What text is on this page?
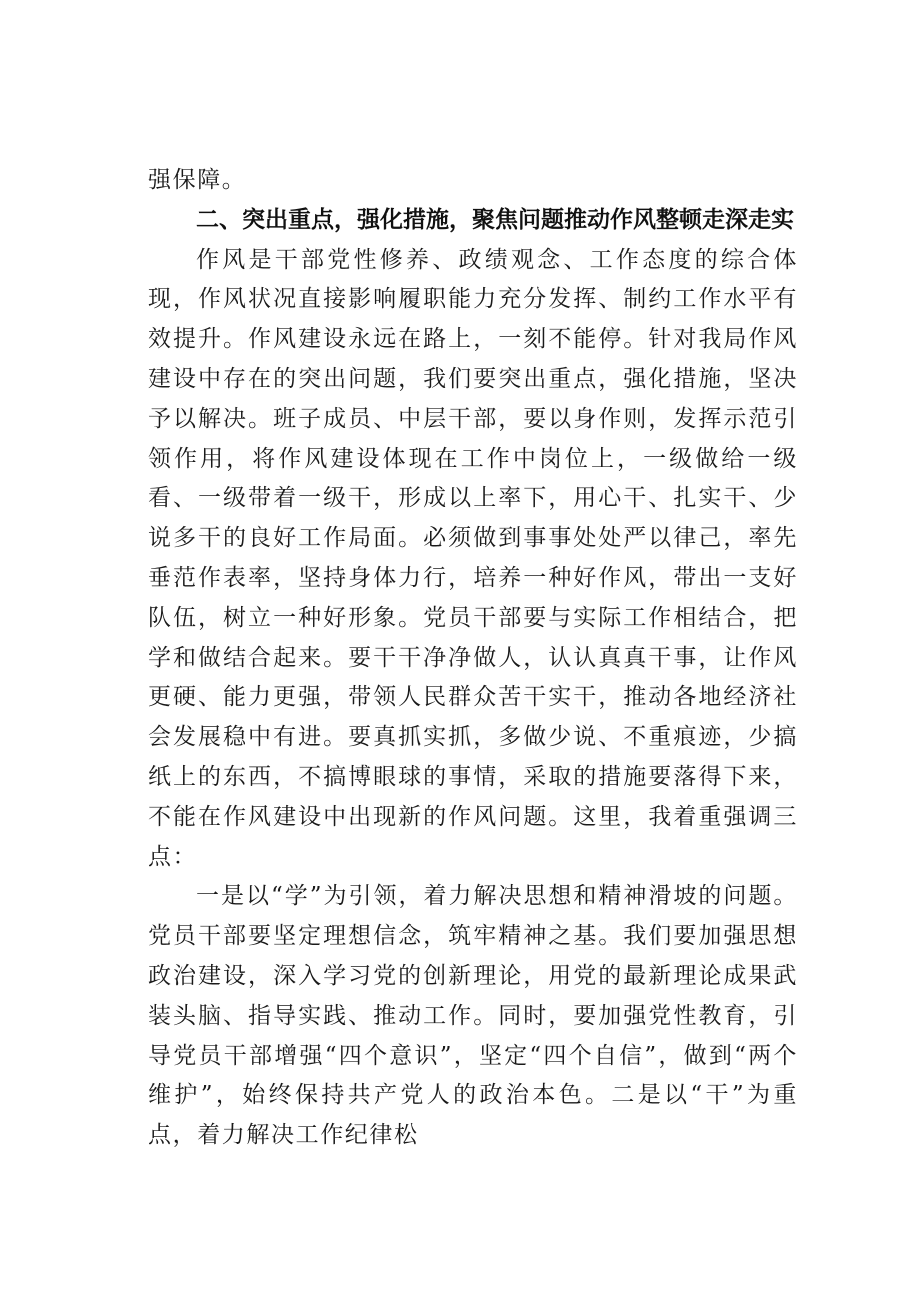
强保障。

二、突出重点，强化措施，聚焦问题推动作风整顿走深走实

作风是干部党性修养、政绩观念、工作态度的综合体现，作风状况直接影响履职能力充分发挥、制约工作水平有效提升。作风建设永远在路上，一刻不能停。针对我局作风建设中存在的突出问题，我们要突出重点，强化措施，坚决予以解决。班子成员、中层干部，要以身作则，发挥示范引领作用，将作风建设体现在工作中岗位上，一级做给一级看、一级带着一级干，形成以上率下，用心干、扎实干、少说多干的良好工作局面。必须做到事事处处严以律己，率先垂范作表率，坚持身体力行，培养一种好作风，带出一支好队伍，树立一种好形象。党员干部要与实际工作相结合，把学和做结合起来。要干干净净做人，认认真真干事，让作风更硬、能力更强，带领人民群众苦干实干，推动各地经济社会发展稳中有进。要真抓实抓，多做少说、不重痕迹，少搞纸上的东西，不搞博眼球的事情，采取的措施要落得下来，不能在作风建设中出现新的作风问题。这里，我着重强调三点：

一是以“学”为引领，着力解决思想和精神滑坡的问题。党员干部要坚定理想信念，筑牢精神之基。我们要加强思想政治建设，深入学习党的创新理论，用党的最新理论成果武装头脑、指导实践、推动工作。同时，要加强党性教育，引导党员干部增强“四个意识”，坚定“四个自信”，做到“两个维护”，始终保持共产党人的政治本色。二是以“干”为重点，着力解决工作纪律松
